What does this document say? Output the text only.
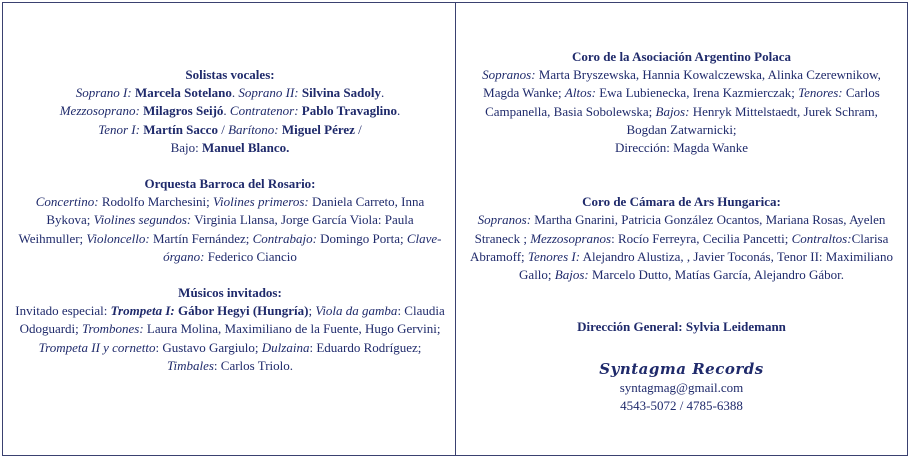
Solistas vocales:

Soprano I: Marcela Sotelano. Soprano II: Silvina Sadoly.

Mezzosoprano: Milagros Seijó. Contratenor: Pablo Travaglino.

Tenor I: Martín Sacco / Barítono: Miguel Pérez /

Bajo: Manuel Blanco.

Orquesta Barroca del Rosario:

Concertino: Rodolfo Marchesini; Violines primeros: Daniela Carreto, Inna Bykova; Violines segundos: Virginia Llansa, Jorge García Viola: Paula Weihmuller; Violoncello: Martín Fernández; Contrabajo: Domingo Porta; Clave-órgano: Federico Ciancio

Músicos invitados:

Invitado especial: Trompeta I: Gábor Hegyi (Hungría); Viola da gamba: Claudia Odoguardi; Trombones: Laura Molina, Maximiliano de la Fuente, Hugo Gervini; Trompeta II y cornetto: Gustavo Gargiulo; Dulzaina: Eduardo Rodríguez; Timbales: Carlos Triolo.

Coro de la Asociación Argentino Polaca

Sopranos: Marta Bryszewska, Hannia Kowalczewska, Alinka Czerewnikow, Magda Wanke; Altos: Ewa Lubienecka, Irena Kazmierczak; Tenores: Carlos Campanella, Basia Sobolewska; Bajos: Henryk Mittelstaedt, Jurek Schram, Bogdan Zatwarnicki;

Dirección: Magda Wanke

Coro de Cámara de Ars Hungarica:

Sopranos: Martha Gnarini, Patricia González Ocantos, Mariana Rosas, Ayelen Straneck ; Mezzosopranos: Rocío Ferreyra, Cecilia Pancetti; Contraltos:Clarisa Abramoff; Tenores I: Alejandro Alustiza, , Javier Toconás, Tenor II: Maximiliano Gallo; Bajos: Marcelo Dutto, Matías García, Alejandro Gábor.

Dirección General: Sylvia Leidemann

Syntagma Records

syntagmag@gmail.com

4543-5072 / 4785-6388
